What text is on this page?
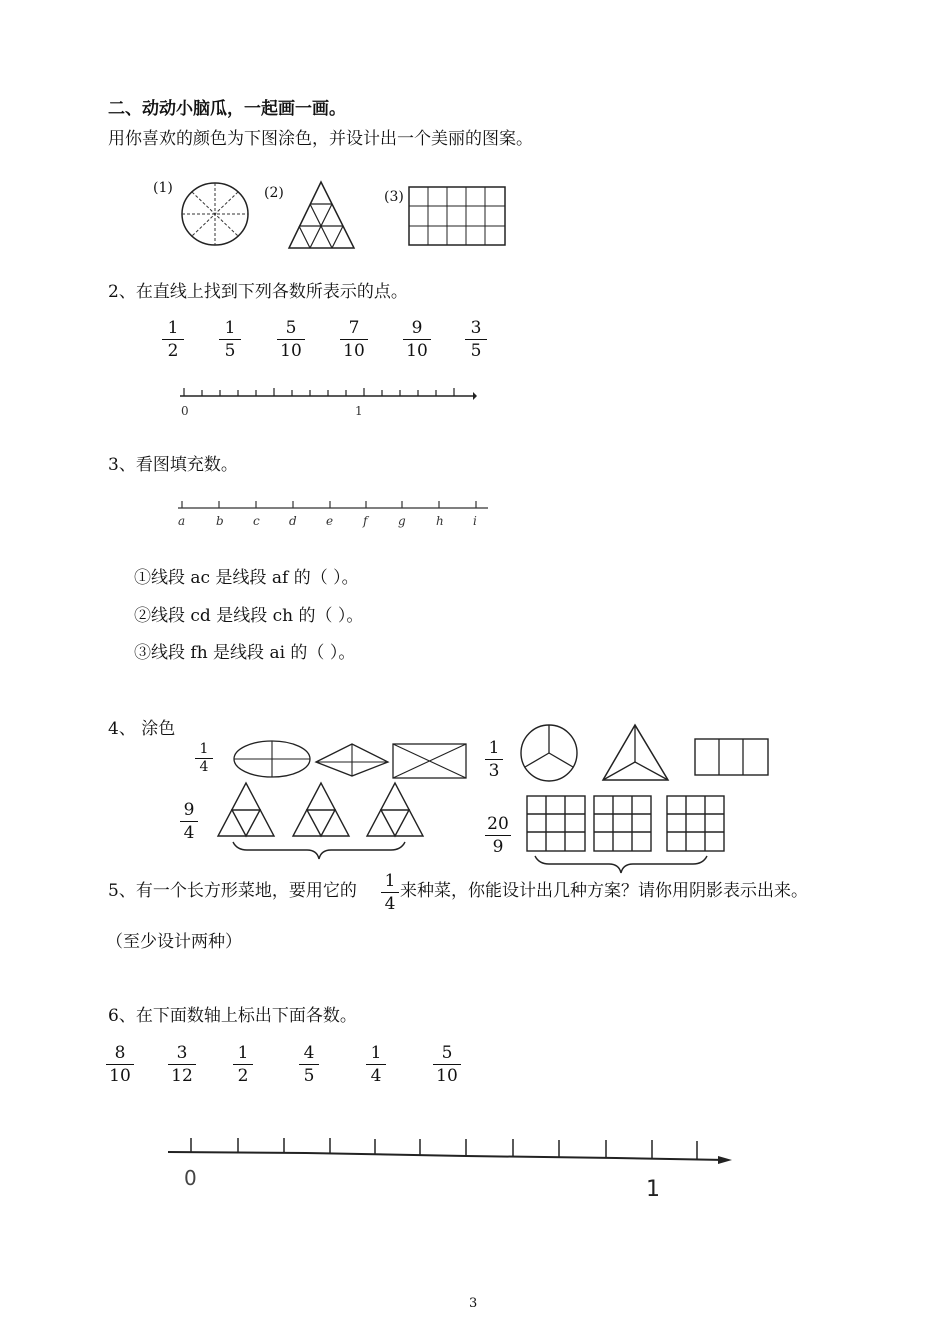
二、动动小脑瓜，一起画一画。
用你喜欢的颜色为下图涂色，并设计出一个美丽的图案。
(1)	(2)	(3)
2、在直线上找到下列各数所表示的点。
1
2
1
5
5
10
7
10
9
10
3
5
0	1
3、看图填充数。
a	b c d e f	g	h i
①线段 ac 是线段 af 的（ ）。
②线段 cd 是线段 ch 的（ ）。
③线段 fh 是线段 ai 的（ ）。
4、 涂色
1
4
1
3
9
4	20
9
5、有一个长方形菜地，要用它的 1
4
来种菜，你能设计出几种方案？请你用阴影表示出来。
（至少设计两种）
6、在下面数轴上标出下面各数。
8
10
3
12
1
2
4
5
1
4
5
10
0	1
3
